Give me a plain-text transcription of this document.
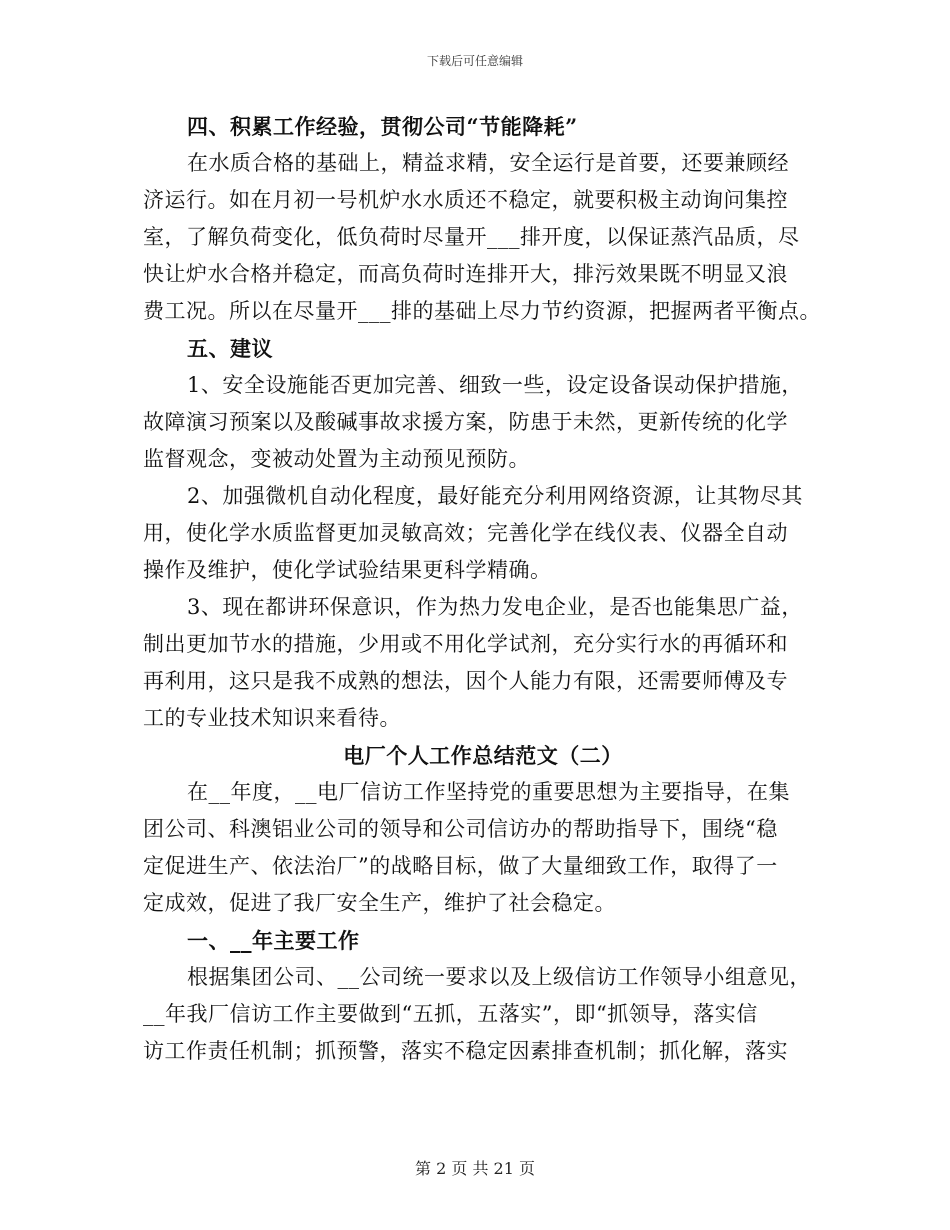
下载后可任意编辑
四、积累工作经验，贯彻公司“节能降耗”
在水质合格的基础上，精益求精，安全运行是首要，还要兼顾经
济运行。如在月初一号机炉水水质还不稳定，就要积极主动询问集控
室，了解负荷变化，低负荷时尽量开___排开度，以保证蒸汽品质，尽
快让炉水合格并稳定，而高负荷时连排开大，排污效果既不明显又浪
费工况。所以在尽量开___排的基础上尽力节约资源，把握两者平衡点。
五、建议
1、安全设施能否更加完善、细致一些，设定设备误动保护措施，
故障演习预案以及酸碱事故求援方案，防患于未然，更新传统的化学
监督观念，变被动处置为主动预见预防。
2、加强微机自动化程度，最好能充分利用网络资源，让其物尽其
用，使化学水质监督更加灵敏高效；完善化学在线仪表、仪器全自动
操作及维护，使化学试验结果更科学精确。
3、现在都讲环保意识，作为热力发电企业，是否也能集思广益，
制出更加节水的措施，少用或不用化学试剂，充分实行水的再循环和
再利用，这只是我不成熟的想法，因个人能力有限，还需要师傅及专
工的专业技术知识来看待。
电厂个人工作总结范文（二）
在__年度，__电厂信访工作坚持党的重要思想为主要指导，在集
团公司、科澳铝业公司的领导和公司信访办的帮助指导下，围绕“稳
定促进生产、依法治厂”的战略目标，做了大量细致工作，取得了一
定成效，促进了我厂安全生产，维护了社会稳定。
一、__年主要工作
根据集团公司、__公司统一要求以及上级信访工作领导小组意见，
__年我厂信访工作主要做到“五抓，五落实”，即“抓领导，落实信
访工作责任机制；抓预警，落实不稳定因素排查机制；抓化解，落实
第 2 页 共 21 页
